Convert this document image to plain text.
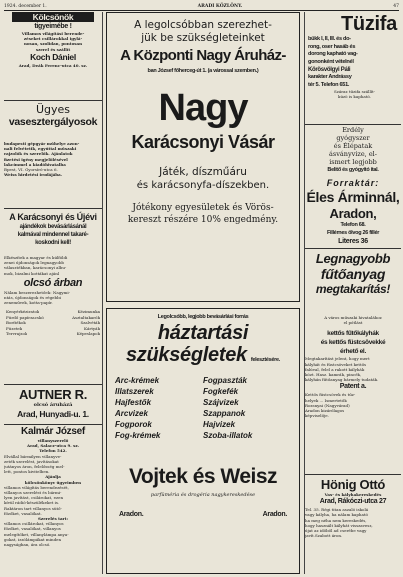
1924. december 1.	ARADI KÖZLÖNY.	47
Kölcsönök
tigyeimébe !
Villamos világítási berende-
zéseket csillárokkal igylá-
nosan, szolidan, pontosan
szerel és szállít
Koch Dániel
Arad, Deák Ferenc-utca 40. sz.
Ügyes
vasesztergályosok
budapesti gépgyár műhelye azon-
nali felvétetik, egyúttal műszaki
rajzolók és szerelők. Ajánlatok
fizetési igény megjelölésével
lakcímmel a kiadóhivatalba
Bpest, VI. Gyorsíró-utca 6.
Weiss hirdetési irodájába.
A Karácsonyi és Újévi
ajándékok bevásárlásánál
kalmával mindennel takaré-
koskodni kell!
Elkészítek a magyar és külföldi
zenei újdonságok legnagyobb
választékban, karácsonyi albu-
mok, bizalmi kottákat ajánl
olcsó árban
Nálam beszerezhetőek: Nagymi-
ntás, újdonságok és régebbi
zeneművek, kotta-papír.
Kenyérkéziratok	Kézimunka
Fürdő papírzacskó	Asztaltakarók
Borítékok	Szalvéták
Füzetek	Kártyák
Tervrajzok	Képeslapok
AUTNER R.
olcsó áruházá
Arad, Hunyadi-u. 1.
Kalmár József
villanyszerelő
Arad, Salacz-utca 9. sz.
Telefon 542.
Elvállal bármilyen villanyve-
zeték szerelést, javításokat
jutányos áron, felelősség mel-
lett, pontos kivitelben.
Ajánlja
kölcsönkönyv ügyeimben
villamos világítás berendezését,
villanyos szerelést és bármi-
lyen javítást, csilárokat, ezen
kívül rádió-készülékeket is.
Raktáron tart villanyos sütő-
főzőket, vasalókat.
Szerelés tart:
villamos csillárokat, villanyos
főzőket, vasalókat, villanyos
melegítőket, villanylámpa anya-
gokat, izzólámpákat minden
nagyságban, ára olcsó.
A legolcsóbban szerezhet-
jük be szükségleteinket
A Központi Nagy Áruház-
ban József főherceg-út 1. (a várossal szemben.)
Nagy
Karácsonyi Vásár
Játék, díszműáru
és karácsonyfa-díszekben.
Jótékony egyesületek és Vörös-
kereszt részére 10% engedmény.
Legolcsóbb, legjobb bevásárlási forrás
háztartási
szükségletek felesztésére.
Arc-krémek	Fogpaszták
Illatszerek	Fogkefék
Hajfestők	Szájvizek
Arcvizek	Szappanok
Fogporok	Hajvizek
Fog-krémek	Szoba-illatok
Vojtek és Weisz
parfüméria és drogéria nagykereskedése
Aradon.	Aradon.
Tüzifa
bükk I, II, III. és do-
rong, oser hasáb és
dorong kapható vag-
gononként vételnél
Körösvölgyi Páli
karakter Andrássy
tér 5. Telefon 651.
Száraz tűzifa szállít-
küzö is kapható.
Erdély
gyógyszer
és Élépatak
ásványvize, el-
ismert legjobb
Belitő és gyógyító ital.
Forraktár:
Éles Árminnál,
Aradon,
Telefon 68.
Fillérnes ölvog 26 fillér
Literes 36
Legnagyobb
fűtőanyag
megtakarítás!
A város műszaki hivatalához
el pótlást
kettős fűtőkályhák
és kettős füstcsövekké
érhető el.
Megtakarítást jelent, hogy mert
kályhát és füstcsöveket kettős
falúval, felel a rakott kályhák
közt. Hasz. kamrák, pincék,
kályhán fűtőanyag bármely tudaták.
Patent a.
Kettős füstcsövek és tűz-
helyek ... Ismertetők
Rozsnyai (Nagyvárad)
Aradon kizárólagos
képviselője.
Hönig Ottó
Vas- és kályhakereskedés
Arad, Rákóczi-utca 27
Tel. 35. Régi titan aszaló iskolá
vagy kályha, ha nálam kapható
ha meg néha nem kereskedés,
hogy használt kályhát visszavesz,
újat az időből ad cserébe vagy
javít.Szabott áron.
